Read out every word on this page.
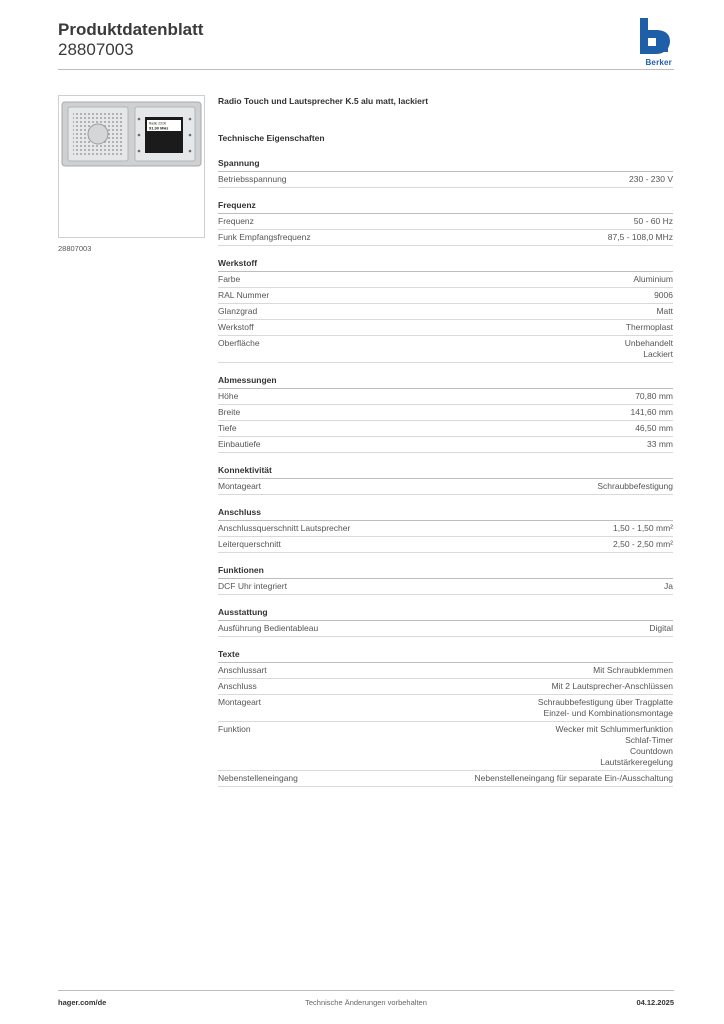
Produktdatenblatt
28807003
Berker
Radio 23:00
91.90 MHz
28807003
Radio Touch und Lautsprecher K.5 alu matt, lackiert
Technische Eigenschaften
Spannung
Betriebsspannung	230 - 230 V
Frequenz
Frequenz	50 - 60 Hz
Funk Empfangsfrequenz	87,5 - 108,0 MHz
Werkstoff
Farbe	Aluminium
RAL Nummer	9006
Glanzgrad	Matt
Werkstoff	Thermoplast
Oberfläche	Unbehandelt
Lackiert
Abmessungen
Höhe	70,80 mm
Breite	141,60 mm
Tiefe	46,50 mm
Einbautiefe	33 mm
Konnektivität
Montageart	Schraubbefestigung
Anschluss
Anschlussquerschnitt Lautsprecher	1,50 - 1,50 mm²
Leiterquerschnitt	2,50 - 2,50 mm²
Funktionen
DCF Uhr integriert	Ja
Ausstattung
Ausführung Bedientableau	Digital
Texte
Anschlussart	Mit Schraubklemmen
Anschluss	Mit 2 Lautsprecher-Anschlüssen
Montageart	Schraubbefestigung über Tragplatte
Einzel- und Kombinationsmontage
Funktion	Wecker mit Schlummerfunktion
Schlaf-Timer
Countdown
Lautstärkeregelung
Nebenstelleneingang	Nebenstelleneingang für separate Ein-/Ausschaltung
hager.com/de	Technische Änderungen vorbehalten	04.12.2025
